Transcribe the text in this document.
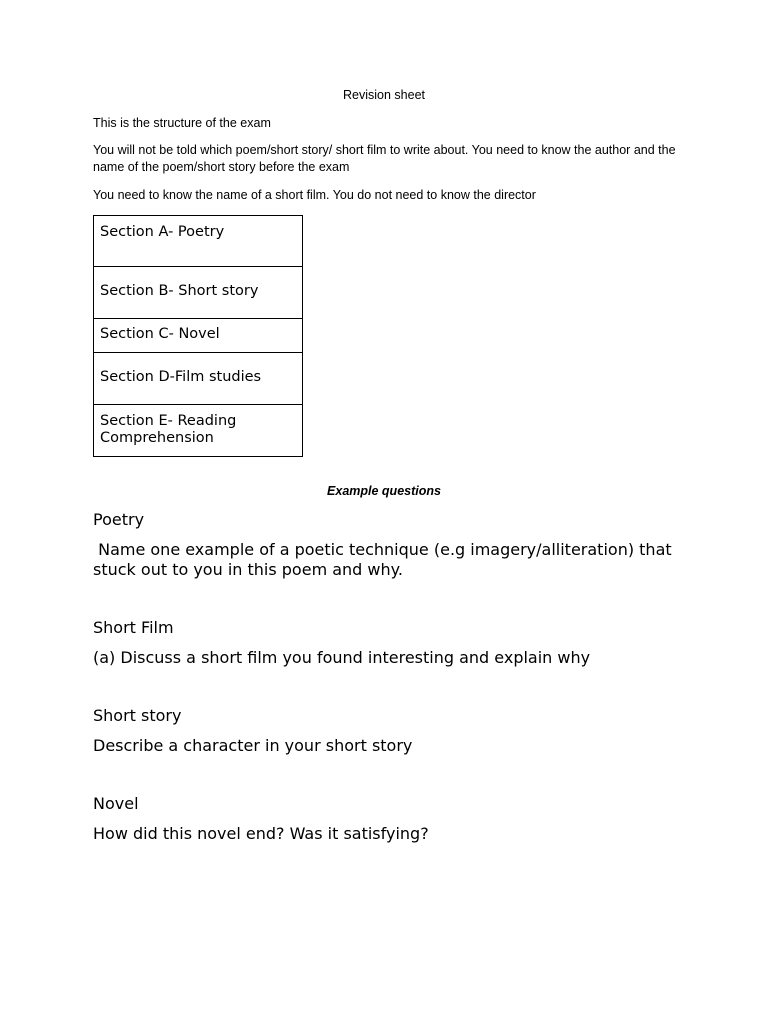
Revision sheet

This is the structure of the exam

You will not be told which poem/short story/ short film to write about. You need to know the author and the name of the poem/short story before the exam

You need to know the name of a short film. You do not need to know the director

Section A- Poetry
Section B- Short story
Section C- Novel
Section D-Film studies
Section E- Reading Comprehension

Example questions

Poetry

Name one example of a poetic technique (e.g imagery/alliteration) that stuck out to you in this poem and why.

Short Film

(a) Discuss a short film you found interesting and explain why

Short story

Describe a character in your short story

Novel

How did this novel end? Was it satisfying?
